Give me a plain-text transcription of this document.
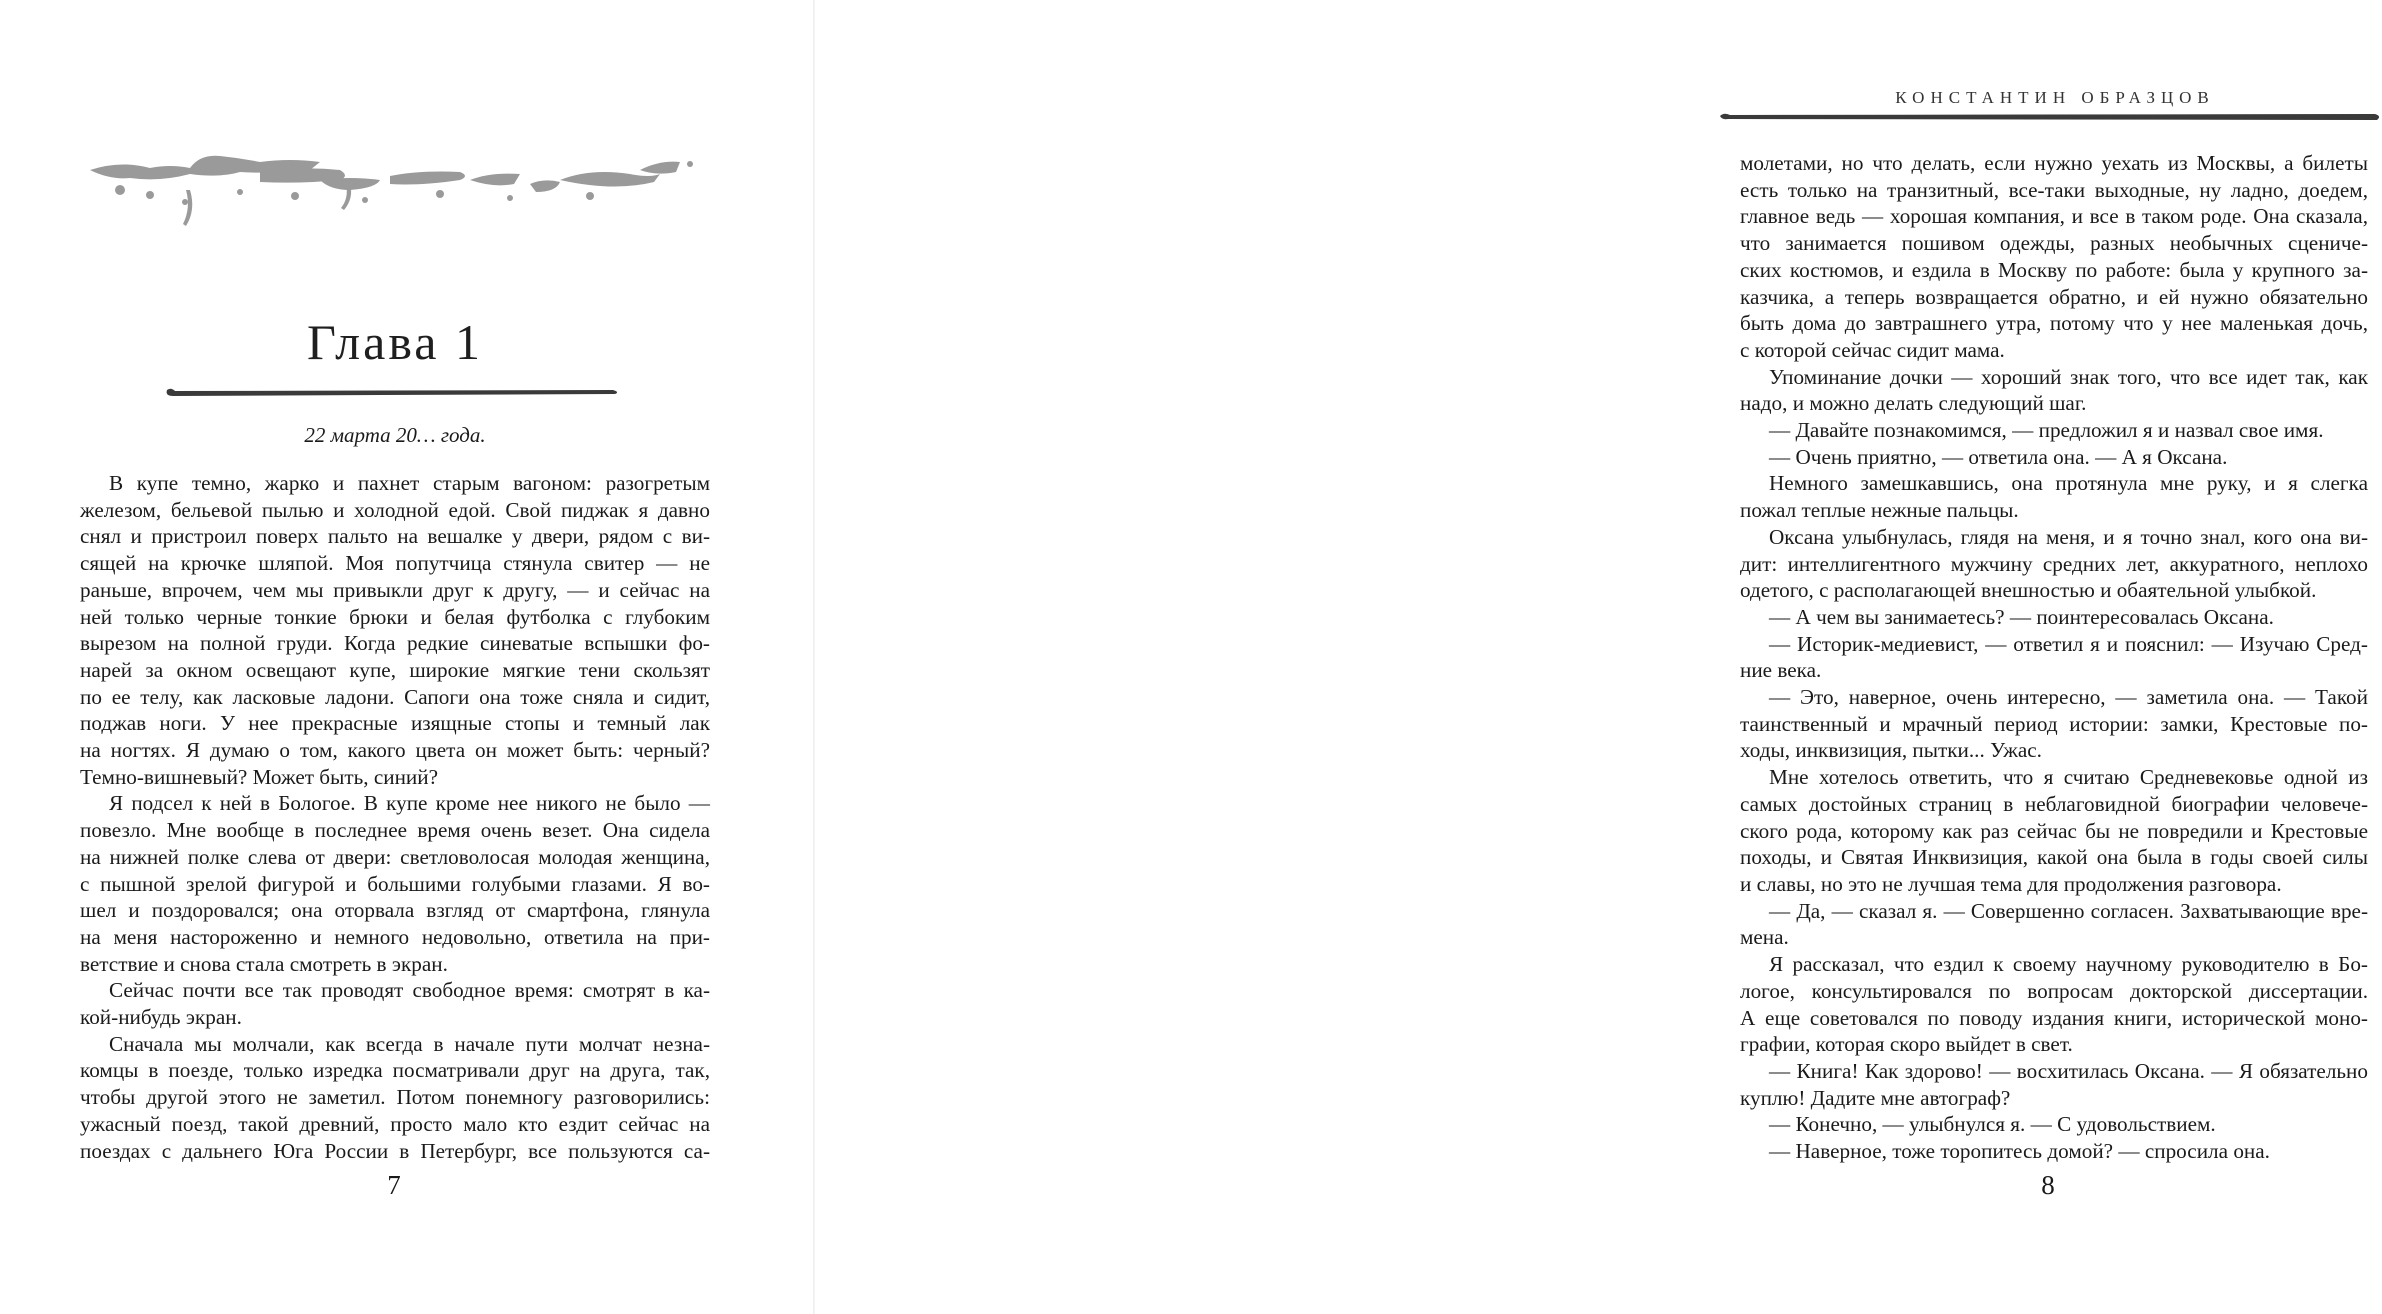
Глава 1
22 марта 20… года.

В купе темно, жарко и пахнет старым вагоном: разогретым

железом, бельевой пылью и холодной едой. Свой пиджак я давно

снял и пристроил поверх пальто на вешалке у двери, рядом с ви-

сящей на крючке шляпой. Моя попутчица стянула свитер — не

раньше, впрочем, чем мы привыкли друг к другу, — и сейчас на

ней только черные тонкие брюки и белая футболка с глубоким

вырезом на полной груди. Когда редкие синеватые вспышки фо-

нарей за окном освещают купе, широкие мягкие тени скользят

по ее телу, как ласковые ладони. Сапоги она тоже сняла и сидит,

поджав ноги. У нее прекрасные изящные стопы и темный лак

на ногтях. Я думаю о том, какого цвета он может быть: черный?

Темно-вишневый? Может быть, синий?

Я подсел к ней в Бологое. В купе кроме нее никого не было —

повезло. Мне вообще в последнее время очень везет. Она сидела

на нижней полке слева от двери: светловолосая молодая женщина,

с пышной зрелой фигурой и большими голубыми глазами. Я во-

шел и поздоровался; она оторвала взгляд от смартфона, глянула

на меня настороженно и немного недовольно, ответила на при-

ветствие и снова стала смотреть в экран.

Сейчас почти все так проводят свободное время: смотрят в ка-

кой-нибудь экран.

Сначала мы молчали, как всегда в начале пути молчат незна-

комцы в поезде, только изредка посматривали друг на друга, так,

чтобы другой этого не заметил. Потом понемногу разговорились:

ужасный поезд, такой древний, просто мало кто ездит сейчас на

поездах с дальнего Юга России в Петербург, все пользуются са-

7
КОНСТАНТИН ОБРАЗЦОВ

молетами, но что делать, если нужно уехать из Москвы, а билеты

есть только на транзитный, все-таки выходные, ну ладно, доедем,

главное ведь — хорошая компания, и все в таком роде. Она сказала,

что занимается пошивом одежды, разных необычных сцениче-

ских костюмов, и ездила в Москву по работе: была у крупного за-

казчика, а теперь возвращается обратно, и ей нужно обязательно

быть дома до завтрашнего утра, потому что у нее маленькая дочь,

с которой сейчас сидит мама.

Упоминание дочки — хороший знак того, что все идет так, как

надо, и можно делать следующий шаг.

— Давайте познакомимся, — предложил я и назвал свое имя.

— Очень приятно, — ответила она. — А я Оксана.

Немного замешкавшись, она протянула мне руку, и я слегка

пожал теплые нежные пальцы.

Оксана улыбнулась, глядя на меня, и я точно знал, кого она ви-

дит: интеллигентного мужчину средних лет, аккуратного, неплохо

одетого, с располагающей внешностью и обаятельной улыбкой.

— А чем вы занимаетесь? — поинтересовалась Оксана.

— Историк-медиевист, — ответил я и пояснил: — Изучаю Сред-

ние века.

— Это, наверное, очень интересно, — заметила она. — Такой

таинственный и мрачный период истории: замки, Крестовые по-

ходы, инквизиция, пытки... Ужас.

Мне хотелось ответить, что я считаю Средневековье одной из

самых достойных страниц в неблаговидной биографии человече-

ского рода, которому как раз сейчас бы не повредили и Крестовые

походы, и Святая Инквизиция, какой она была в годы своей силы

и славы, но это не лучшая тема для продолжения разговора.

— Да, — сказал я. — Совершенно согласен. Захватывающие вре-

мена.

Я рассказал, что ездил к своему научному руководителю в Бо-

логое, консультировался по вопросам докторской диссертации.

А еще советовался по поводу издания книги, исторической моно-

графии, которая скоро выйдет в свет.

— Книга! Как здорово! — восхитилась Оксана. — Я обязательно

куплю! Дадите мне автограф?

— Конечно, — улыбнулся я. — С удовольствием.

— Наверное, тоже торопитесь домой? — спросила она.

8
